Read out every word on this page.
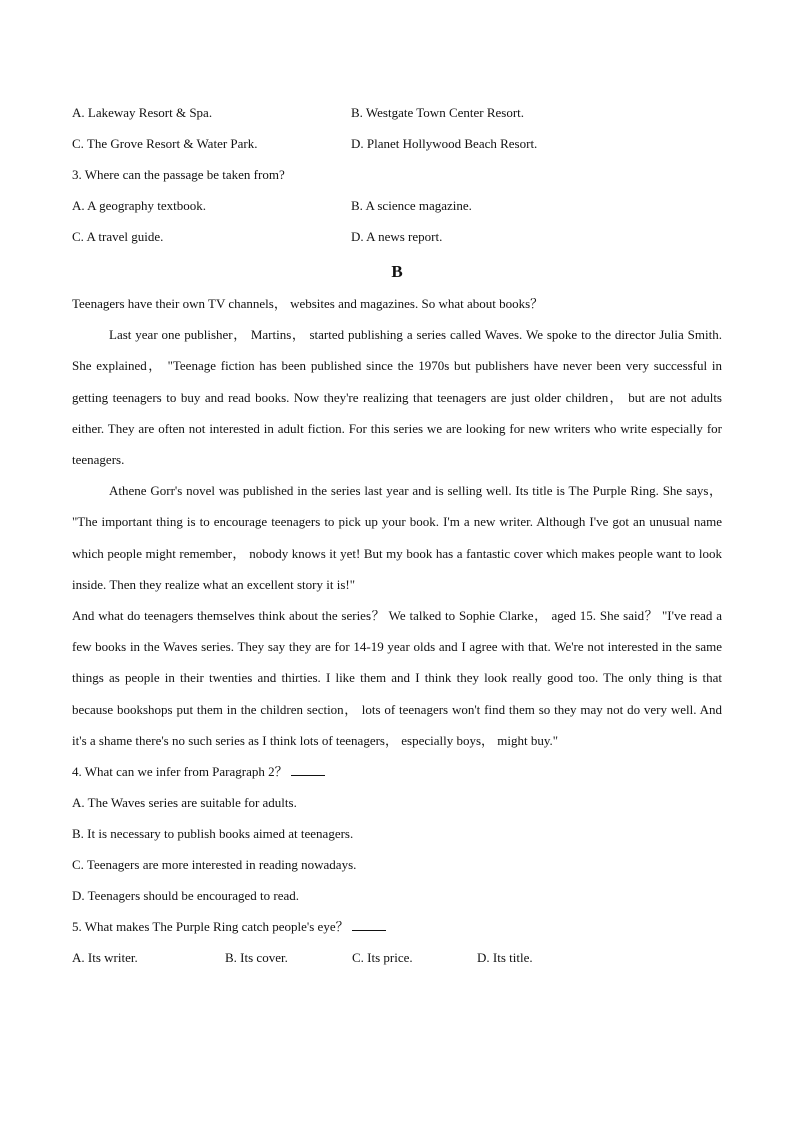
A. Lakeway Resort & Spa.	B. Westgate Town Center Resort.
C. The Grove Resort & Water Park.	D. Planet Hollywood Beach Resort.
3. Where can the passage be taken from?
A. A geography textbook.	B. A science magazine.
C. A travel guide.	D. A news report.
B

Teenagers have their own TV channels， websites and magazines. So what about books？

Last year one publisher， Martins， started publishing a series called Waves. We spoke to the director Julia Smith. She explained， "Teenage fiction has been published since the 1970s but publishers have never been very successful in getting teenagers to buy and read books. Now they're realizing that teenagers are just older children， but are not adults either. They are often not interested in adult fiction. For this series we are looking for new writers who write especially for teenagers.

Athene Gorr's novel was published in the series last year and is selling well. Its title is The Purple Ring. She says， "The important thing is to encourage teenagers to pick up your book. I'm a new writer. Although I've got an unusual name which people might remember， nobody knows it yet! But my book has a fantastic cover which makes people want to look inside. Then they realize what an excellent story it is!"

And what do teenagers themselves think about the series？ We talked to Sophie Clarke， aged 15. She said？ "I've read a few books in the Waves series. They say they are for 14-19 year olds and I agree with that. We're not interested in the same things as people in their twenties and thirties. I like them and I think they look really good too. The only thing is that because bookshops put them in the children section， lots of teenagers won't find them so they may not do very well. And it's a shame there's no such series as I think lots of teenagers， especially boys， might buy."

4. What can we infer from Paragraph 2？
A. The Waves series are suitable for adults.
B. It is necessary to publish books aimed at teenagers.
C. Teenagers are more interested in reading nowadays.
D. Teenagers should be encouraged to read.
5. What makes The Purple Ring catch people's eye？
A. Its writer.	B. Its cover.	C. Its price.	D. Its title.
